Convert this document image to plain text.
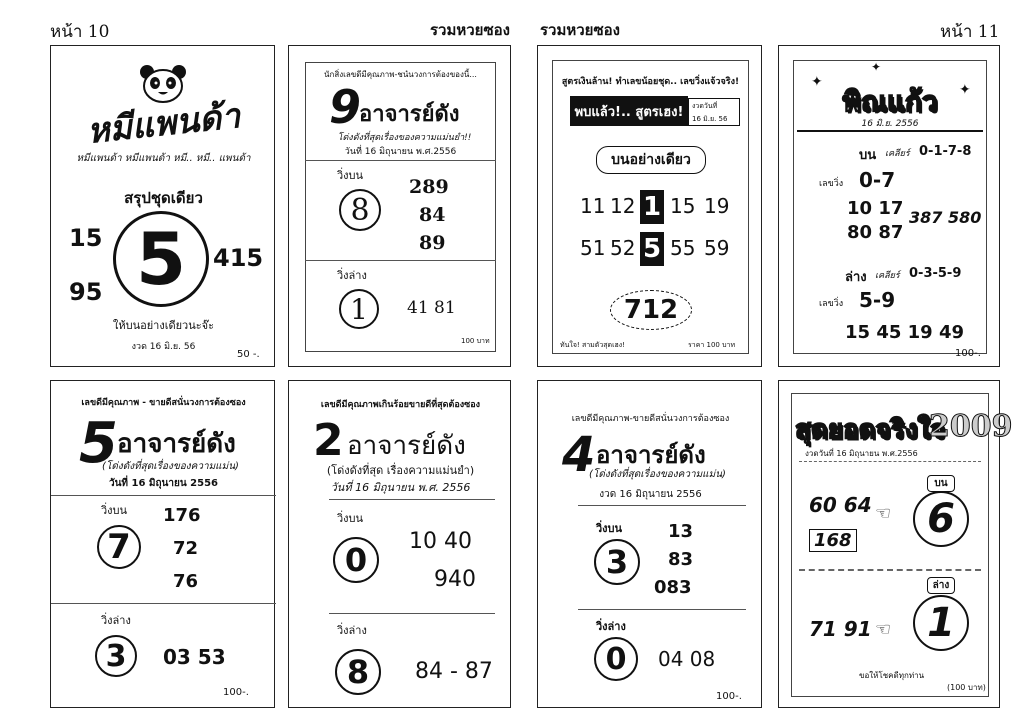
หน้า 10	รวมหวยซอง รวมหวยซอง	หน้า 11
หมีแพนด้า
หมีแพนด้า หมีแพนด้า หมี.. หมี.. แพนด้า
สรุปชุดเดียว
15
95 5	415
ให้บนอย่างเดียวนะจ๊ะ
งวด 16 มิ.ย. 56
50 -.
นักสิ่งเลขดีมีคุณภาพ-ชนํนวงการต้องของนี้...
9
อาจารย์ดัง
โด่งดังที่สุดเรื่องของความแม่นยำ!!
วันที่ 16 มิถุนายน พ.ศ.2556
วิ่งบน
8
289
84
89
วิ่งล่าง
1	41 81
100 บาท
สูตรเงินล้าน! ทำเลขน้อยชุด.. เลขวิ่งแจ้วจริง!
พบแล้ว!.. สูตรเฮง!	งวดวันที่
16 มิ.ย. 56
บนอย่างเดียว
11 12 1 15 19
51 52 5 55 59
712
ทันใจ! สามตัวสุดเฮง!	ราคา 100 บาท
✦
✦
✦
พิณแก้ว
16 มิ.ย. 2556
บน เคลียร์ 0-1-7-8
เลขวิ่ง 0-7
10 17
80 87
387 580
ล่าง เคลียร์ 0-3-5-9
เลขวิ่ง 5-9
15 45 19 49
100-.
เลขดีมีคุณภาพ - ขายดีสนั่นวงการต้องซอง
5 อาจารย์ดัง
(โด่งดังที่สุดเรื่องของความแม่น)
วันที่ 16 มิถุนายน 2556
วิ่งบน
7
176
72
76
วิ่งล่าง
3	03 53
100-.
เลขดีมีคุณภาพเกินร้อยขายดีที่สุดต้องซอง
2 อาจารย์ดัง
(โด่งดังที่สุด เรื่องความแม่นยำ)
วันที่ 16 มิถุนายน พ.ศ. 2556
วิ่งบน
0	10 40
940
วิ่งล่าง
8	84 - 87
เลขดีมีคุณภาพ-ขายดีสนั่นวงการต้องซอง
4 อาจารย์ดัง
(โด่งดังที่สุดเรื่องของความแม่น)
งวด 16 มิถุนายน 2556
วิ่งบน
3
13
83
083
วิ่งล่าง
0	04 08
100-.
สุดยอดจริงใจ
2009
งวดวันที่ 16 มิถุนายน พ.ศ.2556
60 64
168
☜
บน
6
ล่าง
71 91 ☜ 1
ขอให้โชคดีทุกท่าน
(100 บาท)
